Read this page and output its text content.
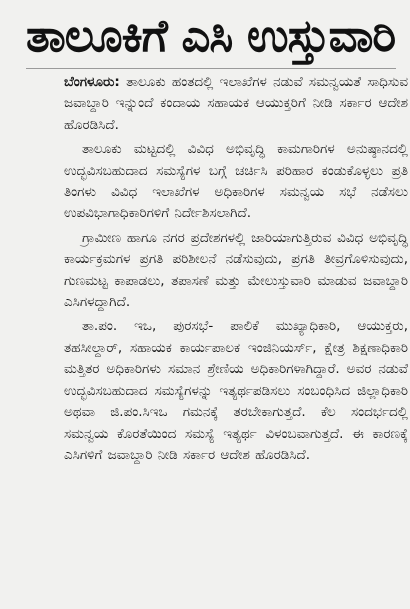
ತಾಲೂಕಿಗೆ ಎಸಿ ಉಸ್ತುವಾರಿ

ಬೆಂಗಳೂರು: ತಾಲೂಕು ಹಂತದಲ್ಲಿ ಇಲಾಖೆಗಳ ನಡುವೆ ಸಮನ್ವಯತೆ ಸಾಧಿಸುವ ಜವಾಬ್ದಾರಿ ಇನ್ನುಂದೆ ಕಂದಾಯ ಸಹಾಯಕ ಆಯುಕ್ತರಿಗೆ ನೀಡಿ ಸರ್ಕಾರ ಆದೇಶ ಹೊರಡಿಸಿದೆ.

ತಾಲೂಕು ಮಟ್ಟದಲ್ಲಿ ವಿವಿಧ ಅಭಿವೃದ್ಧಿ ಕಾಮಗಾರಿಗಳ ಅನುಷ್ಠಾನದಲ್ಲಿ ಉದ್ಭವಿಸಬಹುದಾದ ಸಮಸ್ಯೆಗಳ ಬಗ್ಗೆ ಚರ್ಚಿಸಿ ಪರಿಹಾರ ಕಂಡುಕೊಳ್ಳಲು ಪ್ರತಿ ತಿಂಗಳು ವಿವಿಧ ಇಲಾಖೆಗಳ ಅಧಿಕಾರಿಗಳ ಸಮನ್ವಯ ಸಭೆ ನಡೆಸಲು ಉಪವಿಭಾಗಾಧಿಕಾರಿಗಳಿಗೆ ನಿರ್ದೇಶಿಸಲಾಗಿದೆ.

ಗ್ರಾಮೀಣ ಹಾಗೂ ನಗರ ಪ್ರದೇಶಗಳಲ್ಲಿ ಜಾರಿಯಾಗುತ್ತಿರುವ ವಿವಿಧ ಅಭಿವೃದ್ಧಿ ಕಾರ್ಯಕ್ರಮಗಳ ಪ್ರಗತಿ ಪರಿಶೀಲನೆ ನಡೆಸುವುದು, ಪ್ರಗತಿ ತೀವ್ರಗೊಳಿಸುವುದು, ಗುಣಮಟ್ಟ ಕಾಪಾಡಲು, ತಪಾಸಣೆ ಮತ್ತು ಮೇಲುಸ್ತುವಾರಿ ಮಾಡುವ ಜವಾಬ್ದಾರಿ ಎಸಿಗಳದ್ದಾಗಿದೆ.

ತಾ.ಪಂ. ಇಒ, ಪುರಸಭೆ- ಪಾಲಿಕೆ ಮುಖ್ಯಾಧಿಕಾರಿ, ಆಯುಕ್ತರು, ತಹಸೀಲ್ದಾರ್, ಸಹಾಯಕ ಕಾರ್ಯಪಾಲಕ ಇಂಜಿನಿಯರ್ಸ್, ಕ್ಷೇತ್ರ ಶಿಕ್ಷಣಾಧಿಕಾರಿ ಮತ್ತಿತರ ಅಧಿಕಾರಿಗಳು ಸಮಾನ ಶ್ರೇಣಿಯ ಅಧಿಕಾರಿಗಳಾಗಿದ್ದಾರೆ. ಅವರ ನಡುವೆ ಉದ್ಭವಿಸಬಹುದಾದ ಸಮಸ್ಯೆಗಳನ್ನು ಇತ್ಯರ್ಥಪಡಿಸಲು ಸಂಬಂಧಿಸಿದ ಜಿಲ್ಲಾಧಿಕಾರಿ ಅಥವಾ ಜಿ.ಪಂ.ಸಿಇಒ ಗಮನಕ್ಕೆ ತರಬೇಕಾಗುತ್ತದೆ. ಕೆಲ ಸಂದರ್ಭದಲ್ಲಿ ಸಮನ್ವಯ ಕೊರತೆಯಿಂದ ಸಮಸ್ಯೆ ಇತ್ಯರ್ಥ ವಿಳಂಬವಾಗುತ್ತದೆ. ಈ ಕಾರಣಕ್ಕೆ ಎಸಿಗಳಿಗೆ ಜವಾಬ್ದಾರಿ ನೀಡಿ ಸರ್ಕಾರ ಆದೇಶ ಹೊರಡಿಸಿದೆ.
